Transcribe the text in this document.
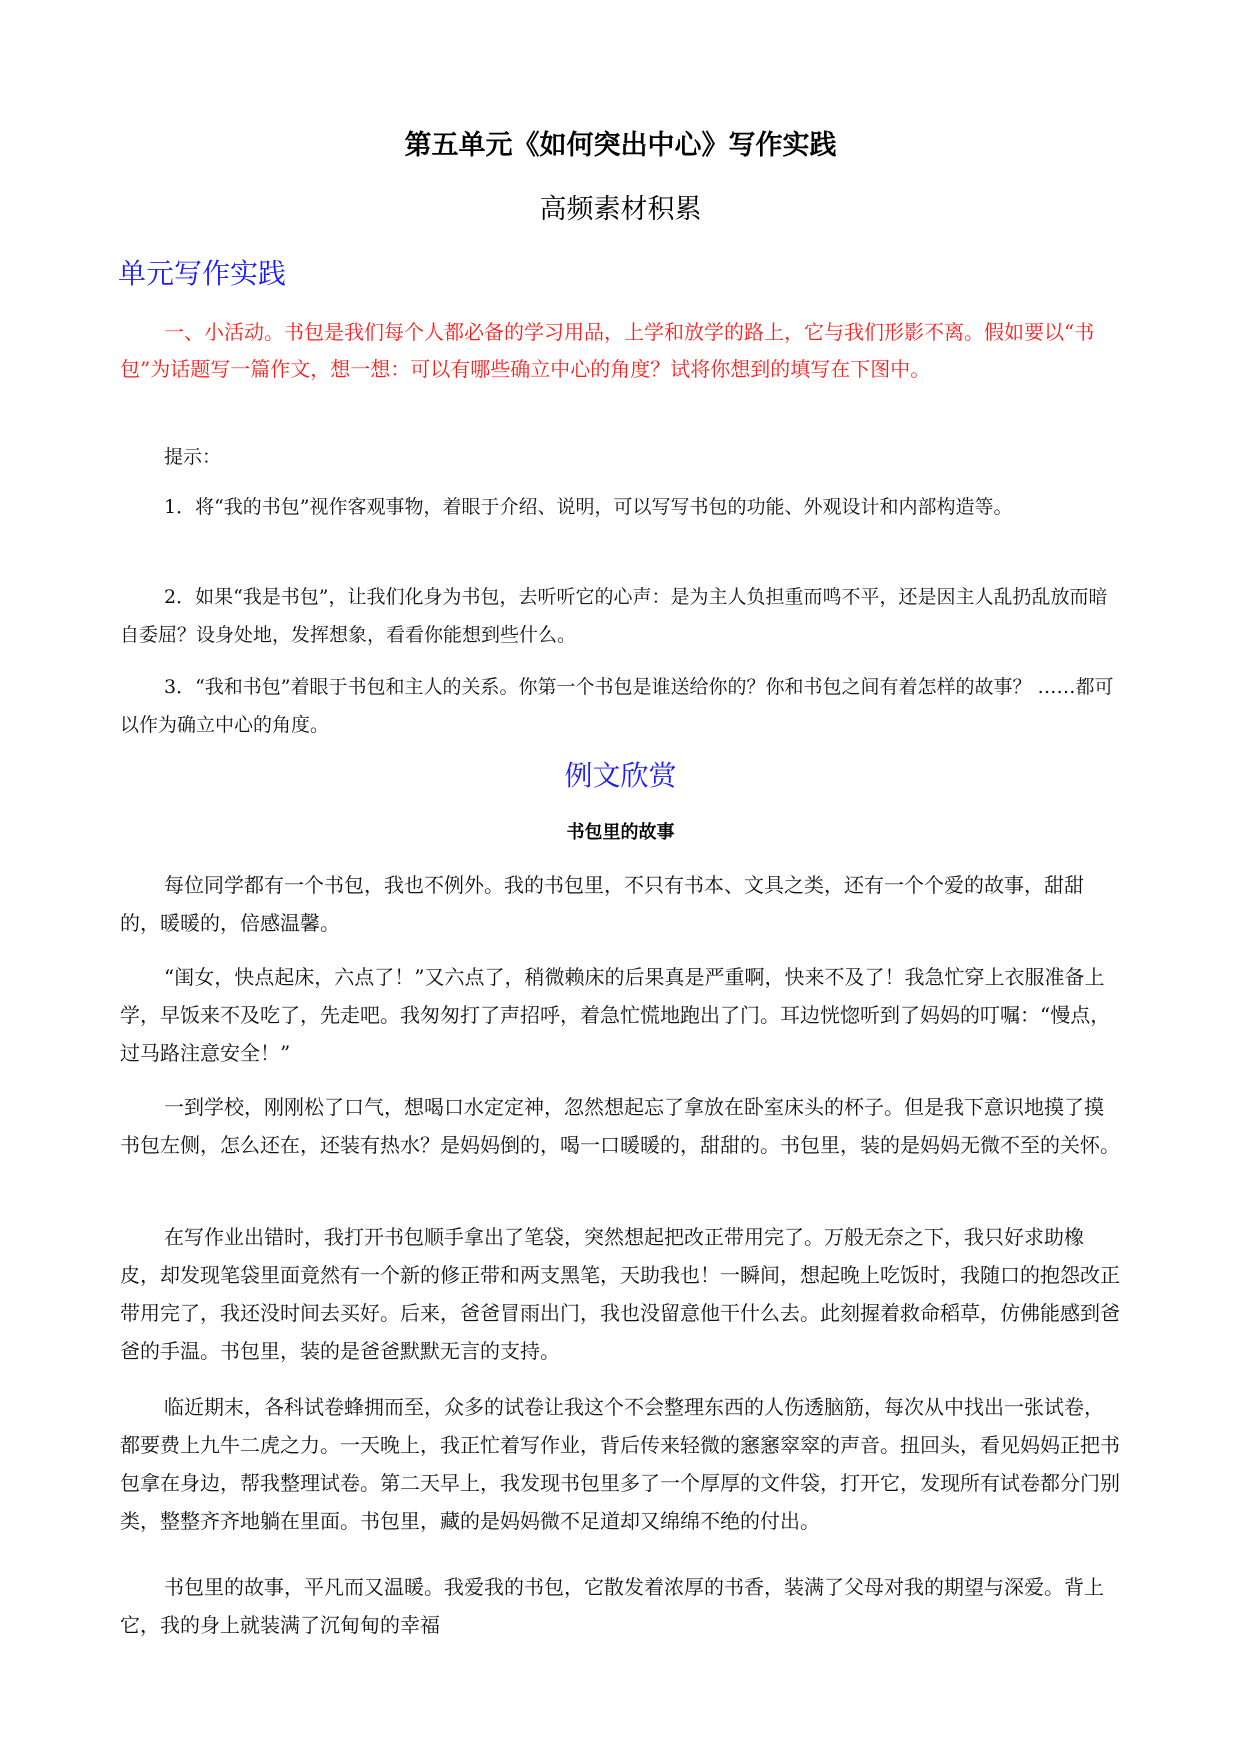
第五单元《如何突出中心》写作实践
高频素材积累
单元写作实践

一、小活动。书包是我们每个人都必备的学习用品，上学和放学的路上，它与我们形影不离。假如要以“书包”为话题写一篇作文，想一想：可以有哪些确立中心的角度？试将你想到的填写在下图中。

提示：

1．将“我的书包”视作客观事物，着眼于介绍、说明，可以写写书包的功能、外观设计和内部构造等。

2．如果“我是书包”，让我们化身为书包，去听听它的心声：是为主人负担重而鸣不平，还是因主人乱扔乱放而暗自委屈？设身处地，发挥想象，看看你能想到些什么。

3．“我和书包”着眼于书包和主人的关系。你第一个书包是谁送给你的？你和书包之间有着怎样的故事？ ……都可以作为确立中心的角度。

例文欣赏
书包里的故事

每位同学都有一个书包，我也不例外。我的书包里，不只有书本、文具之类，还有一个个爱的故事，甜甜的，暖暖的，倍感温馨。

“闺女，快点起床，六点了！”又六点了，稍微赖床的后果真是严重啊，快来不及了！我急忙穿上衣服准备上学，早饭来不及吃了，先走吧。我匆匆打了声招呼，着急忙慌地跑出了门。耳边恍惚听到了妈妈的叮嘱：“慢点，过马路注意安全！”

一到学校，刚刚松了口气，想喝口水定定神，忽然想起忘了拿放在卧室床头的杯子。但是我下意识地摸了摸书包左侧，怎么还在，还装有热水？是妈妈倒的，喝一口暖暖的，甜甜的。书包里，装的是妈妈无微不至的关怀。

在写作业出错时，我打开书包顺手拿出了笔袋，突然想起把改正带用完了。万般无奈之下，我只好求助橡皮，却发现笔袋里面竟然有一个新的修正带和两支黑笔，天助我也！一瞬间，想起晚上吃饭时，我随口的抱怨改正带用完了，我还没时间去买好。后来，爸爸冒雨出门，我也没留意他干什么去。此刻握着救命稻草，仿佛能感到爸爸的手温。书包里，装的是爸爸默默无言的支持。

临近期末，各科试卷蜂拥而至，众多的试卷让我这个不会整理东西的人伤透脑筋，每次从中找出一张试卷，都要费上九牛二虎之力。一天晚上，我正忙着写作业，背后传来轻微的窸窸窣窣的声音。扭回头，看见妈妈正把书包拿在身边，帮我整理试卷。第二天早上，我发现书包里多了一个厚厚的文件袋，打开它，发现所有试卷都分门别类，整整齐齐地躺在里面。书包里，藏的是妈妈微不足道却又绵绵不绝的付出。

书包里的故事，平凡而又温暖。我爱我的书包，它散发着浓厚的书香，装满了父母对我的期望与深爱。背上它，我的身上就装满了沉甸甸的幸福
